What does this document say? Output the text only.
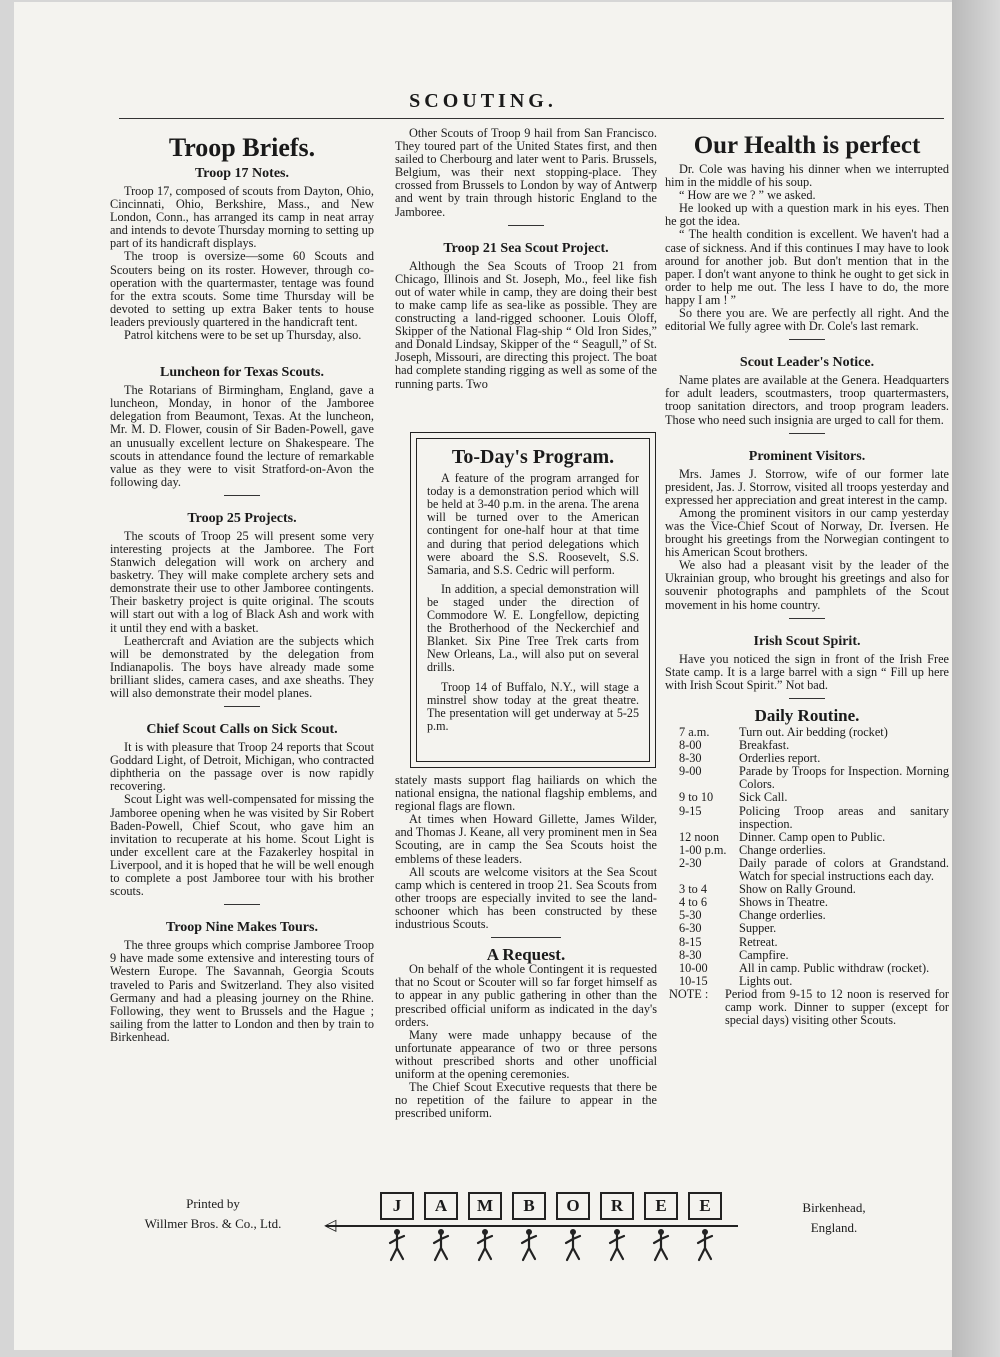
SCOUTING.
Troop Briefs.
Troop 17 Notes.

Troop 17, composed of scouts from Dayton, Ohio, Cincinnati, Ohio, Berkshire, Mass., and New London, Conn., has arranged its camp in neat array and intends to devote Thursday morning to setting up part of its handicraft displays.

The troop is oversize—some 60 Scouts and Scouters being on its roster. However, through co-operation with the quartermaster, tentage was found for the extra scouts. Some time Thursday will be devoted to setting up extra Baker tents to house leaders previously quartered in the handicraft tent.

Patrol kitchens were to be set up Thursday, also.

Luncheon for Texas Scouts.

The Rotarians of Birmingham, England, gave a luncheon, Monday, in honor of the Jamboree delegation from Beaumont, Texas. At the luncheon, Mr. M. D. Flower, cousin of Sir Baden-Powell, gave an unusually excellent lecture on Shakespeare. The scouts in attendance found the lecture of remarkable value as they were to visit Stratford-on-Avon the following day.

Troop 25 Projects.

The scouts of Troop 25 will present some very interesting projects at the Jamboree. The Fort Stanwich delegation will work on archery and basketry. They will make complete archery sets and demonstrate their use to other Jamboree contingents. Their basketry project is quite original. The scouts will start out with a log of Black Ash and work with it until they end with a basket.

Leathercraft and Aviation are the subjects which will be demonstrated by the delegation from Indianapolis. The boys have already made some brilliant slides, camera cases, and axe sheaths. They will also demonstrate their model planes.

Chief Scout Calls on Sick Scout.

It is with pleasure that Troop 24 reports that Scout Goddard Light, of Detroit, Michigan, who contracted diphtheria on the passage over is now rapidly recovering.

Scout Light was well-compensated for missing the Jamboree opening when he was visited by Sir Robert Baden-Powell, Chief Scout, who gave him an invitation to recuperate at his home. Scout Light is under excellent care at the Fazakerley hospital in Liverpool, and it is hoped that he will be well enough to complete a post Jamboree tour with his brother scouts.

Troop Nine Makes Tours.

The three groups which comprise Jamboree Troop 9 have made some extensive and interesting tours of Western Europe. The Savannah, Georgia Scouts traveled to Paris and Switzerland. They also visited Germany and had a pleasing journey on the Rhine. Following, they went to Brussels and the Hague ; sailing from the latter to London and then by train to Birkenhead.

Other Scouts of Troop 9 hail from San Francisco. They toured part of the United States first, and then sailed to Cherbourg and later went to Paris. Brussels, Belgium, was their next stopping-place. They crossed from Brussels to London by way of Antwerp and went by train through historic England to the Jamboree.

Troop 21 Sea Scout Project.

Although the Sea Scouts of Troop 21 from Chicago, Illinois and St. Joseph, Mo., feel like fish out of water while in camp, they are doing their best to make camp life as sea-like as possible. They are constructing a land-rigged schooner. Louis Oloff, Skipper of the National Flag-ship “ Old Iron Sides,” and Donald Lindsay, Skipper of the “ Seagull,” of St. Joseph, Missouri, are directing this project. The boat had complete standing rigging as well as some of the running parts. Two

To-Day's Program.

A feature of the program arranged for today is a demonstration period which will be held at 3-40 p.m. in the arena. The arena will be turned over to the American contingent for one-half hour at that time and during that period delegations which were aboard the S.S. Roosevelt, S.S. Samaria, and S.S. Cedric will perform.

In addition, a special demonstration will be staged under the direction of Commodore W. E. Longfellow, depicting the Brotherhood of the Neckerchief and Blanket. Six Pine Tree Trek carts from New Orleans, La., will also put on several drills.

Troop 14 of Buffalo, N.Y., will stage a minstrel show today at the great theatre. The presentation will get underway at 5-25 p.m.

stately masts support flag hailiards on which the national ensigna, the national flagship emblems, and regional flags are flown.

At times when Howard Gillette, James Wilder, and Thomas J. Keane, all very prominent men in Sea Scouting, are in camp the Sea Scouts hoist the emblems of these leaders.

All scouts are welcome visitors at the Sea Scout camp which is centered in troop 21. Sea Scouts from other troops are especially invited to see the land-schooner which has been constructed by these industrious Scouts.

A Request.

On behalf of the whole Contingent it is requested that no Scout or Scouter will so far forget himself as to appear in any public gathering in other than the prescribed official uniform as indicated in the day's orders.

Many were made unhappy because of the unfortunate appearance of two or three persons without prescribed shorts and other unofficial uniform at the opening ceremonies.

The Chief Scout Executive requests that there be no repetition of the failure to appear in the prescribed uniform.

Our Health is perfect

Dr. Cole was having his dinner when we interrupted him in the middle of his soup.

“ How are we ? ” we asked.

He looked up with a question mark in his eyes. Then he got the idea.

“ The health condition is excellent. We haven't had a case of sickness. And if this continues I may have to look around for another job. But don't mention that in the paper. I don't want anyone to think he ought to get sick in order to help me out. The less I have to do, the more happy I am ! ”

So there you are. We are perfectly all right. And the editorial We fully agree with Dr. Cole's last remark.

Scout Leader's Notice.

Name plates are available at the Genera. Headquarters for adult leaders, scoutmasters, troop quartermasters, troop sanitation directors, and troop program leaders. Those who need such insignia are urged to call for them.

Prominent Visitors.

Mrs. James J. Storrow, wife of our former late president, Jas. J. Storrow, visited all troops yesterday and expressed her appreciation and great interest in the camp.

Among the prominent visitors in our camp yesterday was the Vice-Chief Scout of Norway, Dr. Iversen. He brought his greetings from the Norwegian contingent to his American Scout brothers.

We also had a pleasant visit by the leader of the Ukrainian group, who brought his greetings and also for souvenir photographs and pamphlets of the Scout movement in his home country.

Irish Scout Spirit.

Have you noticed the sign in front of the Irish Free State camp. It is a large barrel with a sign “ Fill up here with Irish Scout Spirit.” Not bad.

Daily Routine.
7 a.m.	Turn out. Air bedding (rocket)
8-00	Breakfast.
8-30	Orderlies report.
9-00	Parade by Troops for Inspection. Morning Colors.
9 to 10	Sick Call.
9-15	Policing Troop areas and sanitary inspection.
12 noon	Dinner. Camp open to Public.
1-00 p.m.	Change orderlies.
2-30	Daily parade of colors at Grandstand. Watch for special instructions each day.
3 to 4	Show on Rally Ground.
4 to 6	Shows in Theatre.
5-30	Change orderlies.
6-30	Supper.
8-15	Retreat.
8-30	Campfire.
10-00	All in camp. Public withdraw (rocket).
10-15	Lights out.
NOTE :	Period from 9-15 to 12 noon is reserved for camp work. Dinner to supper (except for special days) visiting other Scouts.
Printed by
Willmer Bros. & Co., Ltd.	◁
J	A	M	B	O	R	E	E	Birkenhead,
England.
